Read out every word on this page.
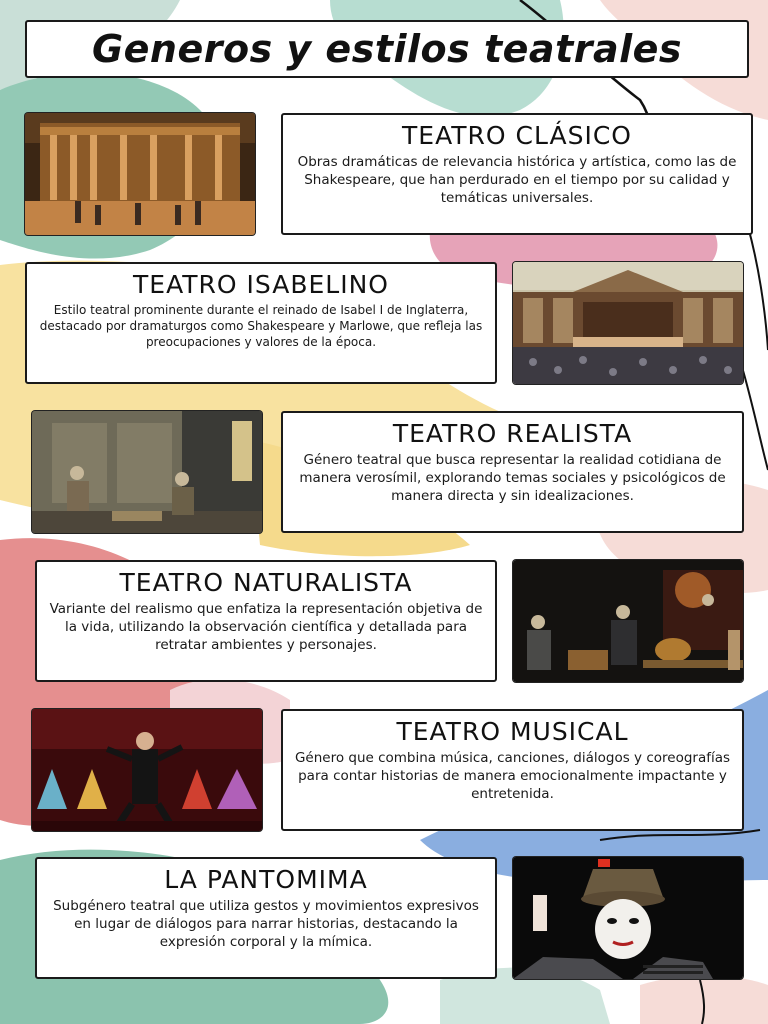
Generos y estilos teatrales
TEATRO CLÁSICO

Obras dramáticas de relevancia histórica y artística, como las de Shakespeare, que han perdurado en el tiempo por su calidad y temáticas universales.

TEATRO ISABELINO

Estilo teatral prominente durante el reinado de Isabel I de Inglaterra, destacado por dramaturgos como Shakespeare y Marlowe, que refleja las preocupaciones y valores de la época.

TEATRO REALISTA

Género teatral que busca representar la realidad cotidiana de manera verosímil, explorando temas sociales y psicológicos de manera directa y sin idealizaciones.

TEATRO NATURALISTA

Variante del realismo que enfatiza la representación objetiva de la vida, utilizando la observación científica y detallada para retratar ambientes y personajes.

TEATRO MUSICAL

Género que combina música, canciones, diálogos y coreografías para contar historias de manera emocionalmente impactante y entretenida.

LA PANTOMIMA

Subgénero teatral que utiliza gestos y movimientos expresivos en lugar de diálogos para narrar historias, destacando la expresión corporal y la mímica.
